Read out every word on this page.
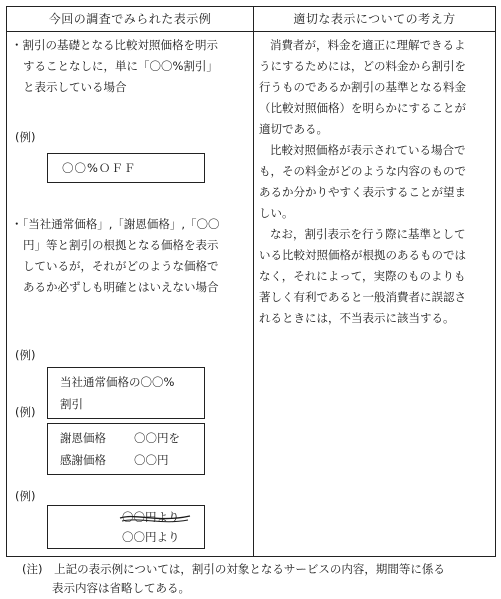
今回の調査でみられた表示例	適切な表示についての考え方
・割引の基礎となる比較対照価格を明示
することなしに，単に「〇〇%割引」
と表示している場合
(例)
〇〇%ＯＦＦ
・「当社通常価格」,「謝恩価格」,「〇〇
円」等と割引の根拠となる価格を表示
しているが，それがどのような価格で
あるか必ずしも明確とはいえない場合
(例)
当社通常価格の〇〇%
割引
(例)
謝恩価格 〇〇円を
感謝価格 〇〇円
(例)
〇〇円より
〇〇円より
消費者が，料金を適正に理解できるよ
うにするためには，どの料金から割引を
行うものであるか割引の基準となる料金
（比較対照価格）を明らかにすることが
適切である。
比較対照価格が表示されている場合で
も，その料金がどのような内容のもので
あるか分かりやすく表示することが望ま
しい。
なお，割引表示を行う際に基準として
いる比較対照価格が根拠のあるものでは
なく，それによって，実際のものよりも
著しく有利であると一般消費者に誤認さ
れるときには，不当表示に該当する。
(注) 上記の表示例については，割引の対象となるサービスの内容，期間等に係る
表示内容は省略してある。
